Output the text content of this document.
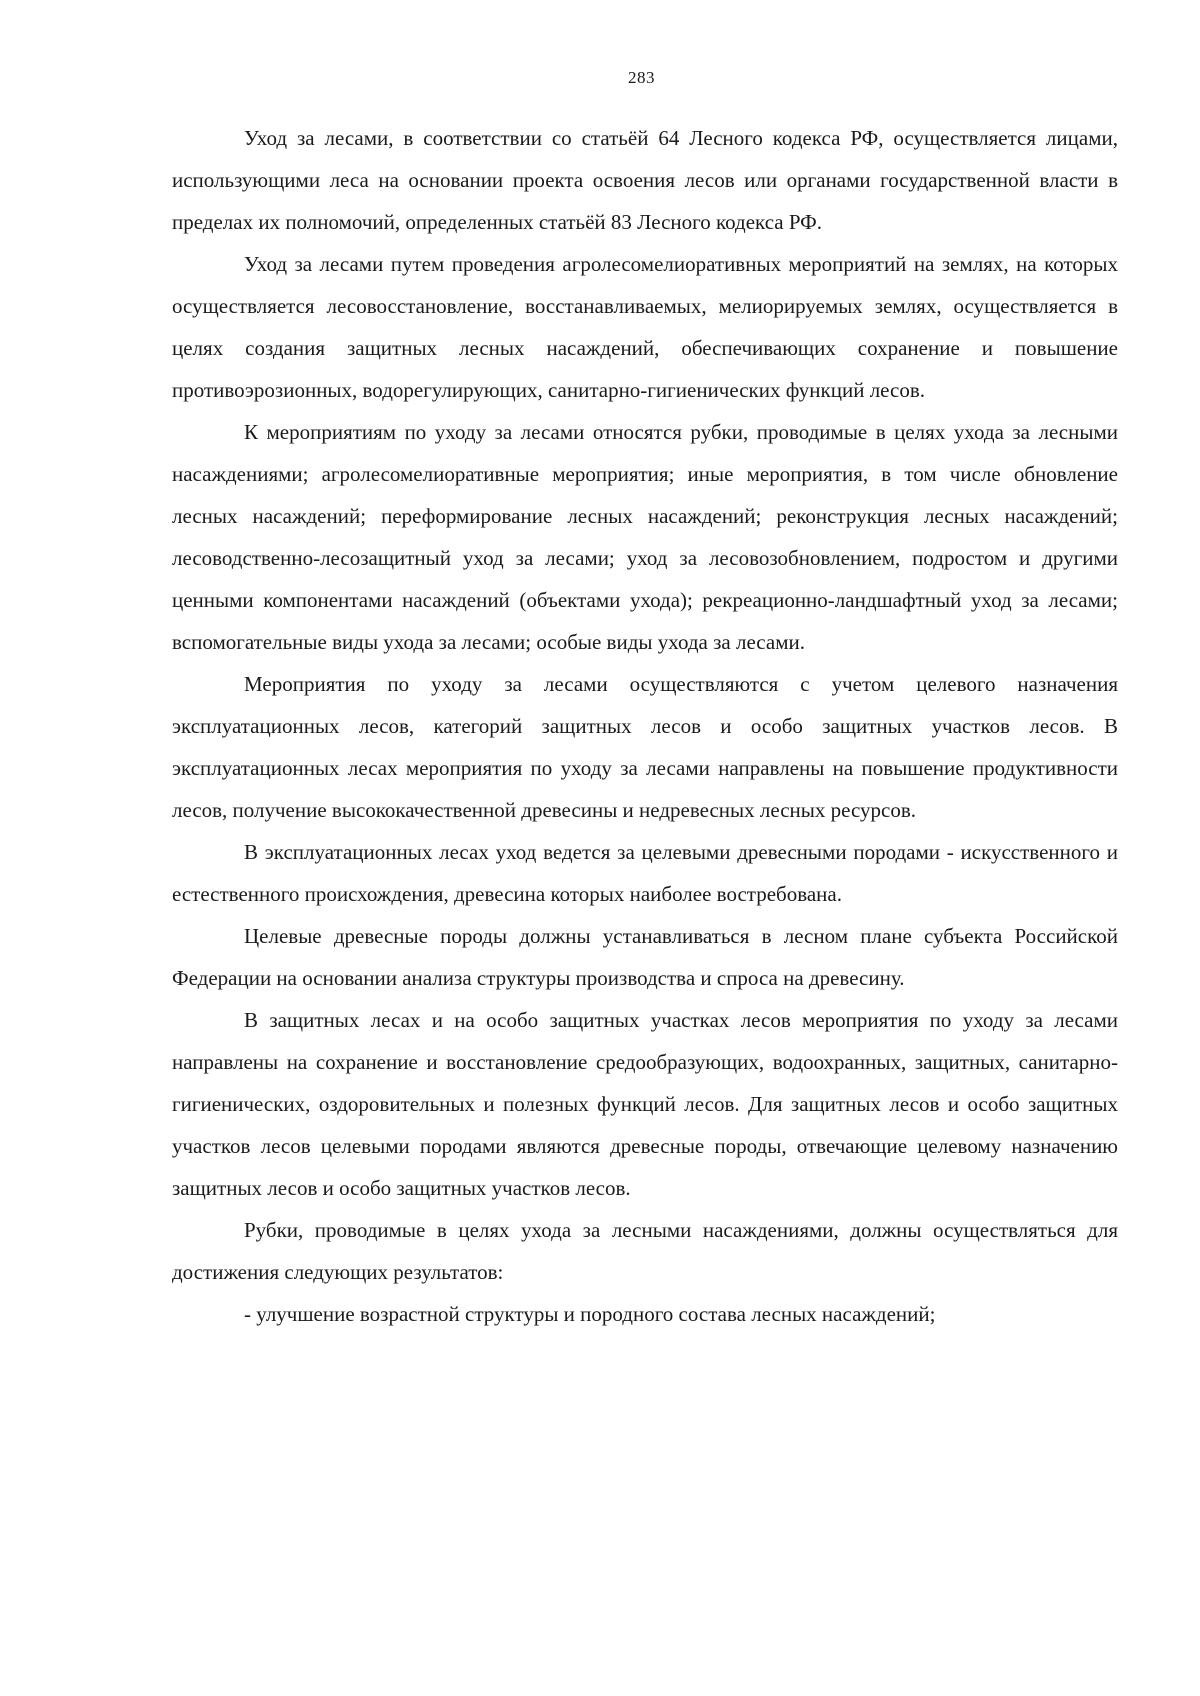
283

Уход за лесами, в соответствии со статьёй 64 Лесного кодекса РФ, осуществляется лицами, использующими леса на основании проекта освоения лесов или органами государственной власти в пределах их полномочий, определенных статьёй 83 Лесного кодекса РФ.

Уход за лесами путем проведения агролесомелиоративных мероприятий на землях, на которых осуществляется лесовосстановление, восстанавливаемых, мелиорируемых землях, осуществляется в целях создания защитных лесных насаждений, обеспечивающих сохранение и повышение противоэрозионных, водорегулирующих, санитарно-гигиенических функций лесов.

К мероприятиям по уходу за лесами относятся рубки, проводимые в целях ухода за лесными насаждениями; агролесомелиоративные мероприятия; иные мероприятия, в том числе обновление лесных насаждений; переформирование лесных насаждений; реконструкция лесных насаждений; лесоводственно-лесозащитный уход за лесами; уход за лесовозобновлением, подростом и другими ценными компонентами насаждений (объектами ухода); рекреационно-ландшафтный уход за лесами; вспомогательные виды ухода за лесами; особые виды ухода за лесами.

Мероприятия по уходу за лесами осуществляются с учетом целевого назначения эксплуатационных лесов, категорий защитных лесов и особо защитных участков лесов. В эксплуатационных лесах мероприятия по уходу за лесами направлены на повышение продуктивности лесов, получение высококачественной древесины и недревесных лесных ресурсов.

В эксплуатационных лесах уход ведется за целевыми древесными породами - искусственного и естественного происхождения, древесина которых наиболее востребована.

Целевые древесные породы должны устанавливаться в лесном плане субъекта Российской Федерации на основании анализа структуры производства и спроса на древесину.

В защитных лесах и на особо защитных участках лесов мероприятия по уходу за лесами направлены на сохранение и восстановление средообразующих, водоохранных, защитных, санитарно-гигиенических, оздоровительных и полезных функций лесов. Для защитных лесов и особо защитных участков лесов целевыми породами являются древесные породы, отвечающие целевому назначению защитных лесов и особо защитных участков лесов.

Рубки, проводимые в целях ухода за лесными насаждениями, должны осуществляться для достижения следующих результатов:

- улучшение возрастной структуры и породного состава лесных насаждений;
